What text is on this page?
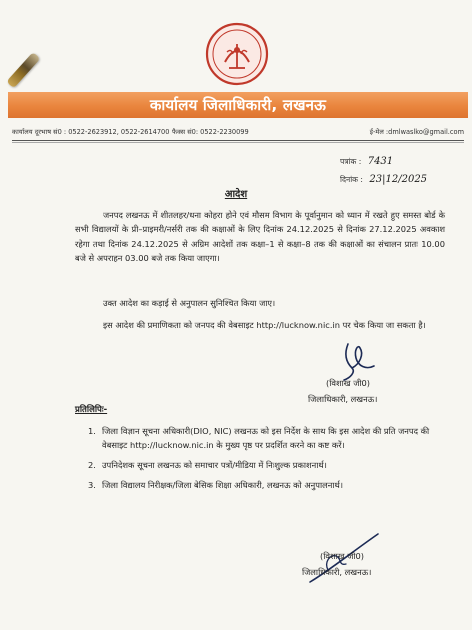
कार्यालय जिलाधिकारी, लखनऊ
कार्यालय दूरभाष सं0 : 0522-2623912, 0522-2614700 फैक्स सं0: 0522-2230099	ई-मेल :dmlwaslko@gmail.com
पत्रांक : 7431
दिनांक : 23|12/2025
आदेश
जनपद लखनऊ में शीतलहर/धना कोहरा होने एवं मौसम विभाग के पूर्वानुमान को ध्यान में रखते हुए समस्त बोर्ड के सभी विद्यालयों के प्री–प्राइमरी/नर्सरी तक की कक्षाओं के लिए दिनांक 24.12.2025 से दिनांक 27.12.2025 अवकाश रहेगा तथा दिनांक 24.12.2025 से अग्रिम आदेशों तक कक्षा–1 से कक्षा–8 तक की कक्षाओं का संचालन प्रातः 10.00 बजे से अपराहन 03.00 बजे तक किया जाएगा।
उक्त आदेश का कड़ाई से अनुपालन सुनिश्चित किया जाए।
इस आदेश की प्रमाणिकता को जनपद की वेबसाइट http://lucknow.nic.in पर चेक किया जा सकता है।
(विशाख जी0)
जिलाधिकारी, लखनऊ।
प्रतिलिपिः-
1. जिला विज्ञान सूचना अधिकारी(DIO, NIC) लखनऊ को इस निर्देश के साथ कि इस आदेश की प्रति जनपद की वेबसाइट http://lucknow.nic.in के मुख्य पृष्ठ पर प्रदर्शित करने का कष्ट करें।
2. उपनिदेशक सूचना लखनऊ को समाचार पत्रों/मीडिया में निःशुल्क प्रकाशनार्थ।
3. जिला विद्यालय निरीक्षक/जिला बेसिक शिक्षा अधिकारी, लखनऊ को अनुपालनार्थ।
(विशाख जी0)
जिलाधिकारी, लखनऊ।
